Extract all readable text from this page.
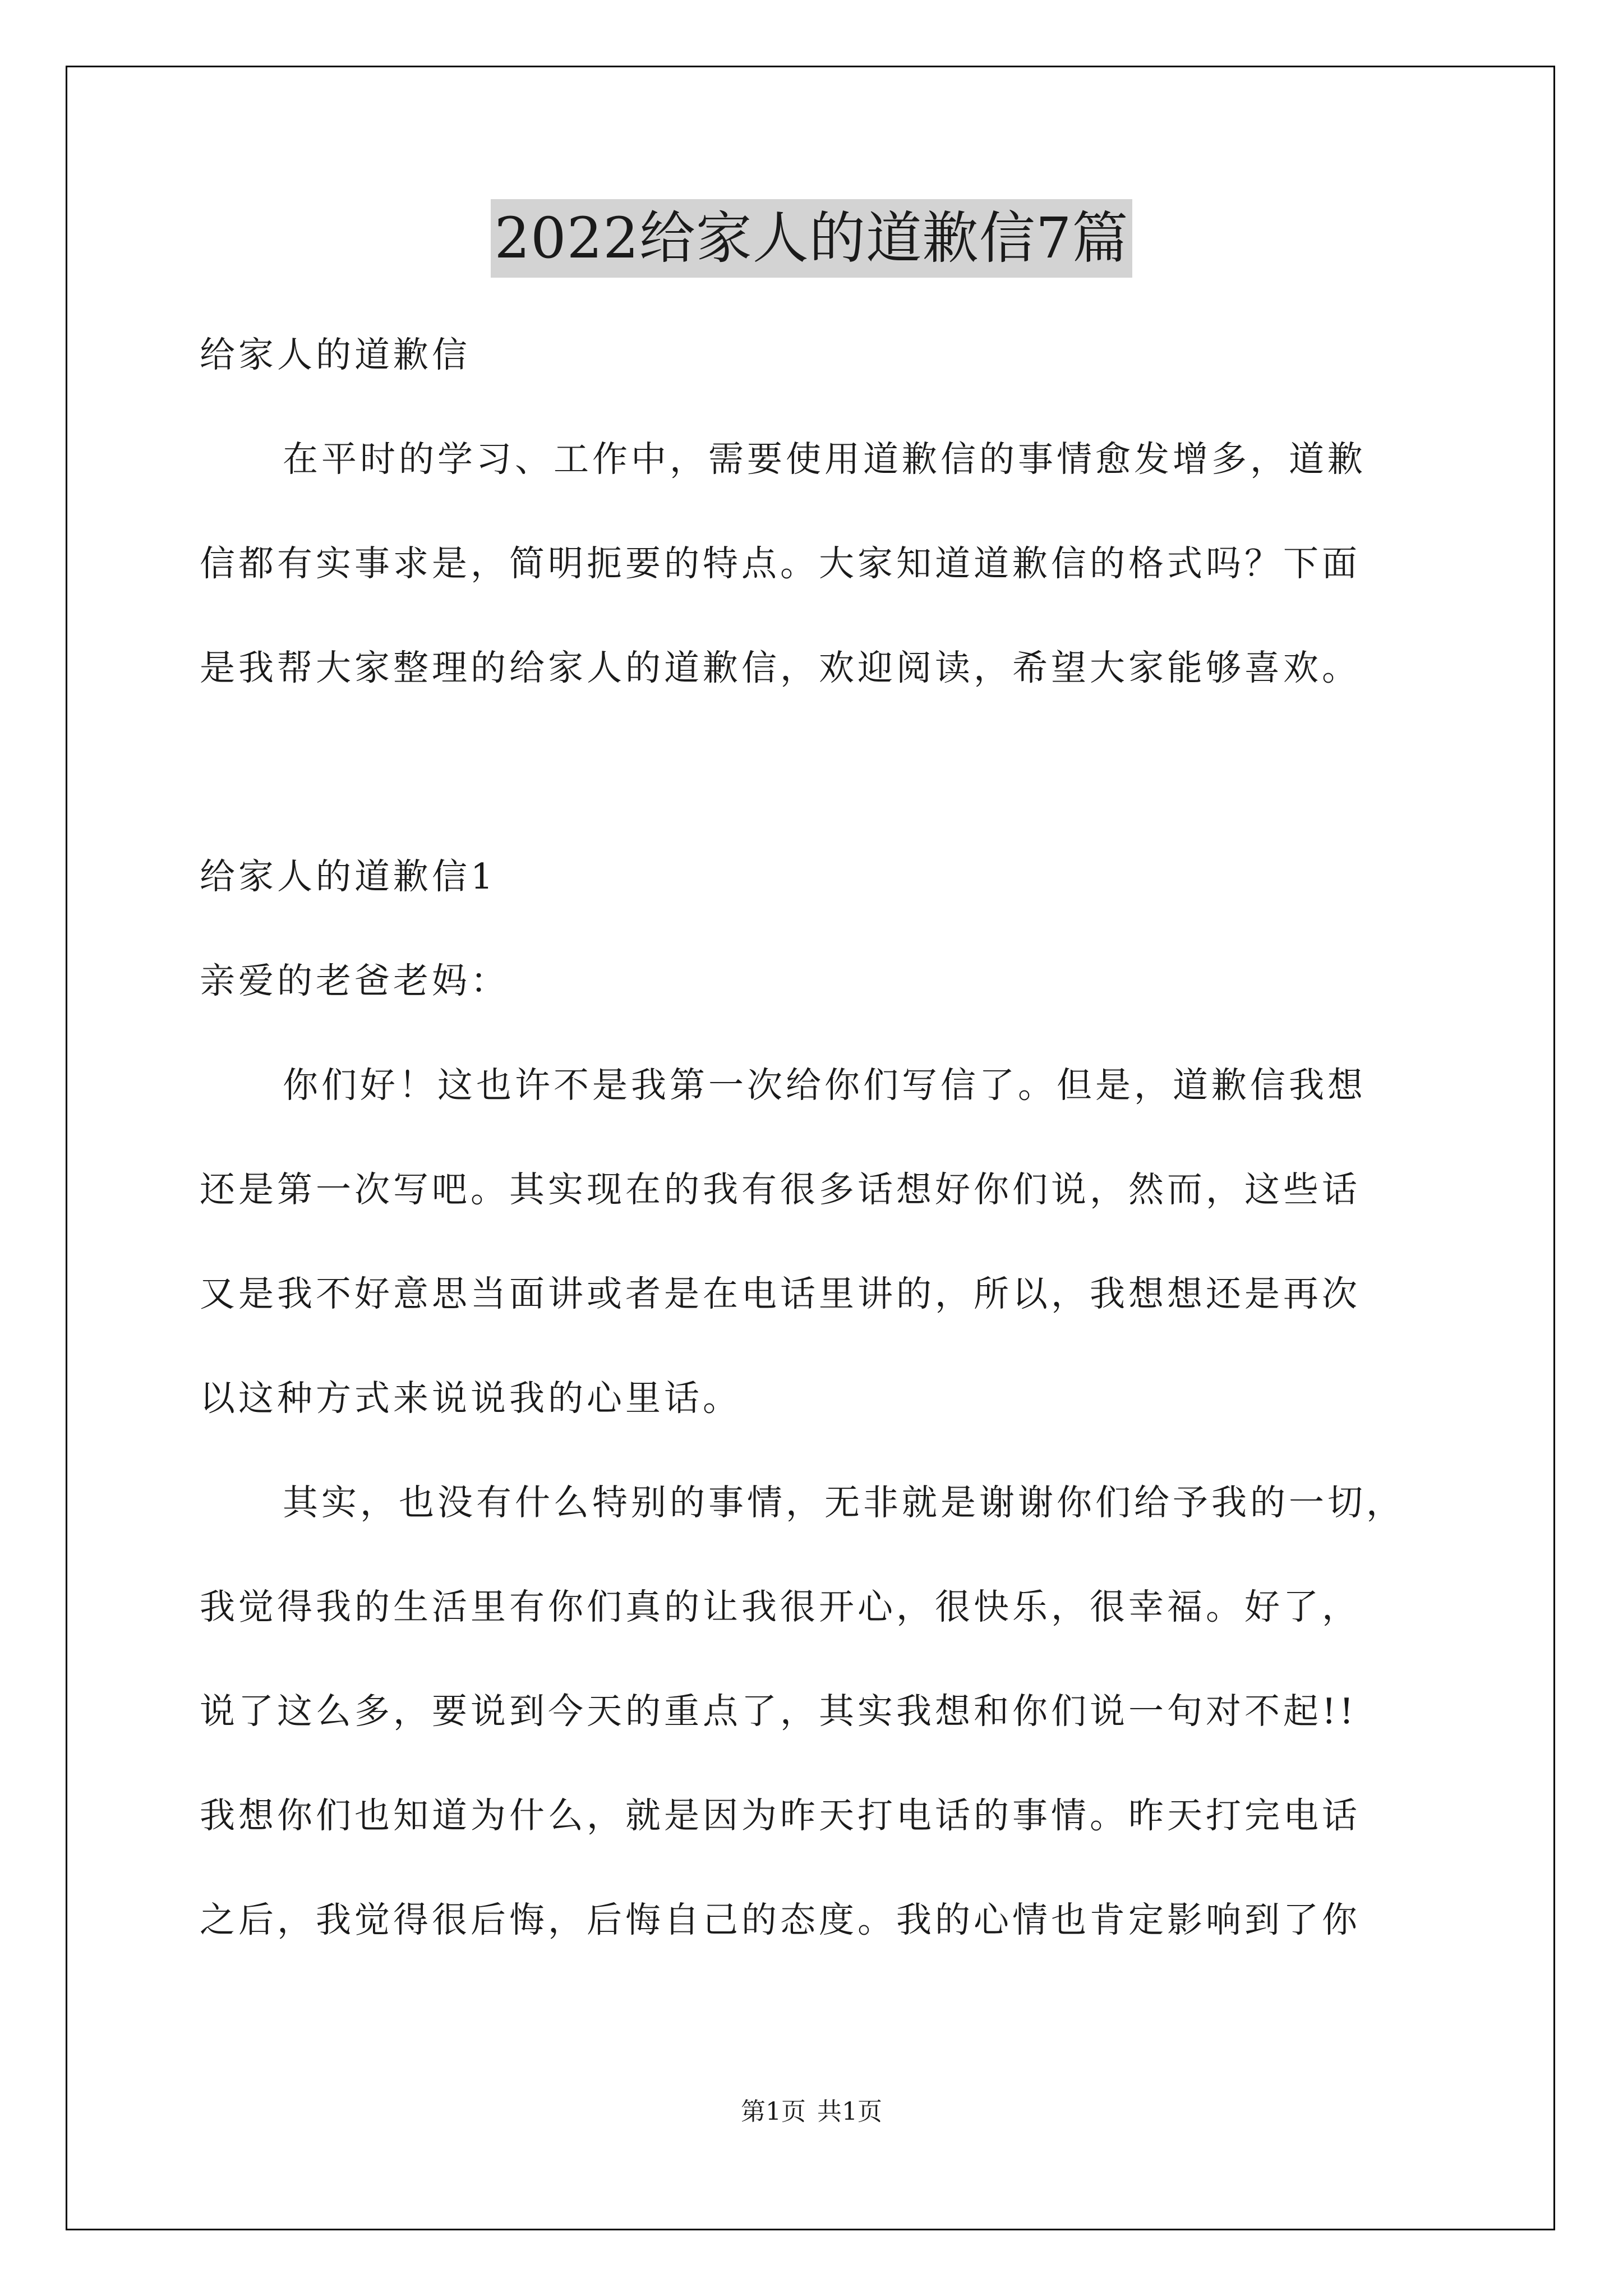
2022给家人的道歉信7篇
给家人的道歉信
在平时的学习、工作中，需要使用道歉信的事情愈发增多，道歉
信都有实事求是，简明扼要的特点。大家知道道歉信的格式吗？下面
是我帮大家整理的给家人的道歉信，欢迎阅读，希望大家能够喜欢。
给家人的道歉信1
亲爱的老爸老妈：
你们好！这也许不是我第一次给你们写信了。但是，道歉信我想
还是第一次写吧。其实现在的我有很多话想好你们说，然而，这些话
又是我不好意思当面讲或者是在电话里讲的，所以，我想想还是再次
以这种方式来说说我的心里话。
其实，也没有什么特别的事情，无非就是谢谢你们给予我的一切，
我觉得我的生活里有你们真的让我很开心，很快乐，很幸福。好了，
说了这么多，要说到今天的重点了，其实我想和你们说一句对不起!!
我想你们也知道为什么，就是因为昨天打电话的事情。昨天打完电话
之后，我觉得很后悔，后悔自己的态度。我的心情也肯定影响到了你
第1页 共1页
